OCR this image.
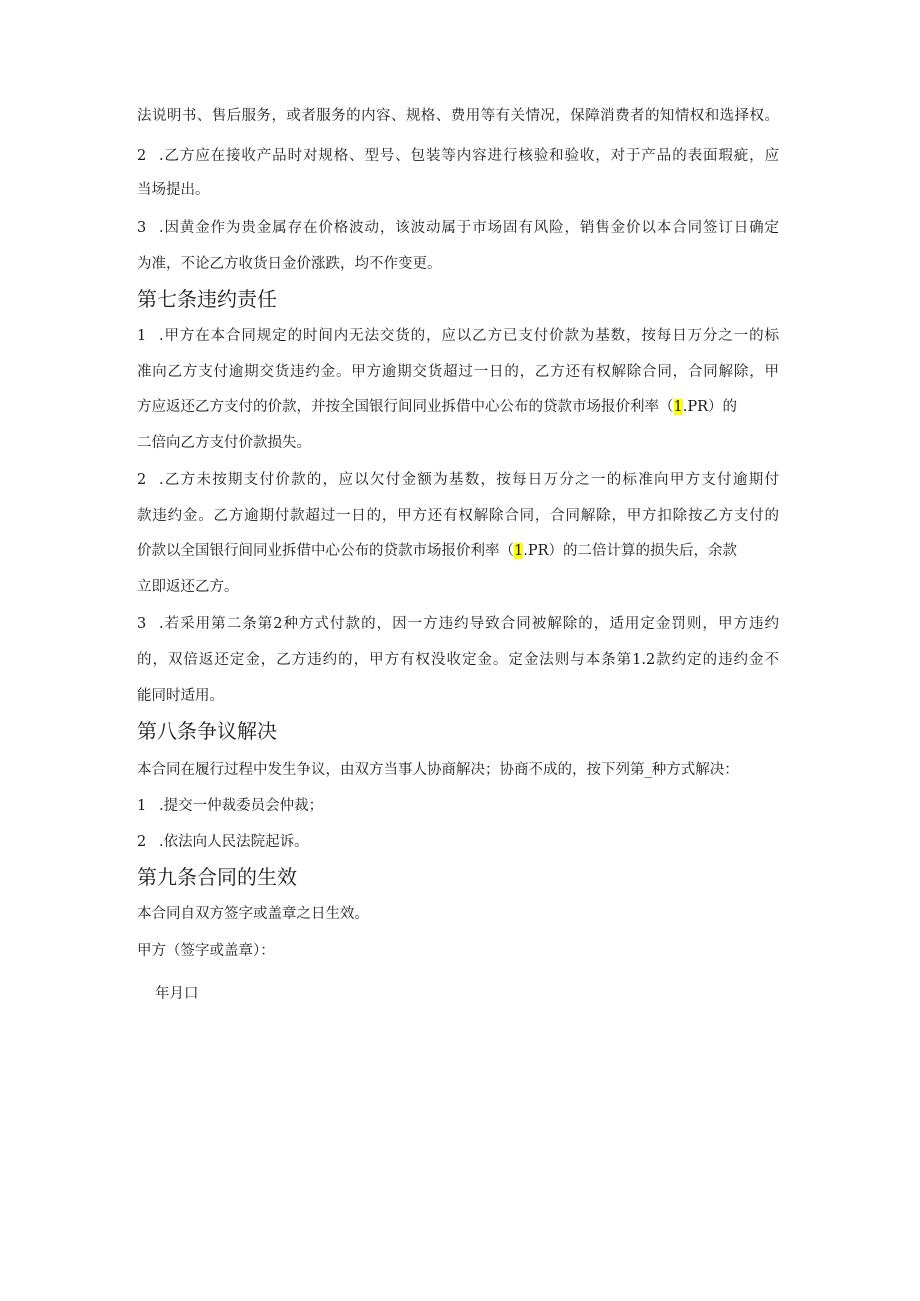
法说明书、售后服务，或者服务的内容、规格、费用等有关情况，保障消费者的知情权和选择权。
2 .乙方应在接收产品时对规格、型号、包装等内容进行核验和验收，对于产品的表面瑕疵，应
当场提出。
3 .因黄金作为贵金属存在价格波动，该波动属于市场固有风险，销售金价以本合同签订日确定
为准，不论乙方收货日金价涨跌，均不作变更。
第七条违约责任
1 .甲方在本合同规定的时间内无法交货的，应以乙方已支付价款为基数，按每日万分之一的标
准向乙方支付逾期交货违约金。甲方逾期交货超过一日的，乙方还有权解除合同，合同解除，甲
方应返还乙方支付的价款，并按全国银行间同业拆借中心公布的贷款市场报价利率（1.PR）的
二倍向乙方支付价款损失。
2 .乙方未按期支付价款的，应以欠付金额为基数，按每日万分之一的标准向甲方支付逾期付
款违约金。乙方逾期付款超过一日的，甲方还有权解除合同，合同解除，甲方扣除按乙方支付的
价款以全国银行间同业拆借中心公布的贷款市场报价利率（1.PR）的二倍计算的损失后，余款
立即返还乙方。
3 .若采用第二条第2种方式付款的，因一方违约导致合同被解除的，适用定金罚则，甲方违约
的，双倍返还定金，乙方违约的，甲方有权没收定金。定金法则与本条第1.2款约定的违约金不
能同时适用。
第八条争议解决
本合同在履行过程中发生争议，由双方当事人协商解决；协商不成的，按下列第_种方式解决：
1 .提交一仲裁委员会仲裁；
2 .依法向人民法院起诉。
第九条合同的生效
本合同自双方签字或盖章之日生效。
甲方（签字或盖章）：
年月口
